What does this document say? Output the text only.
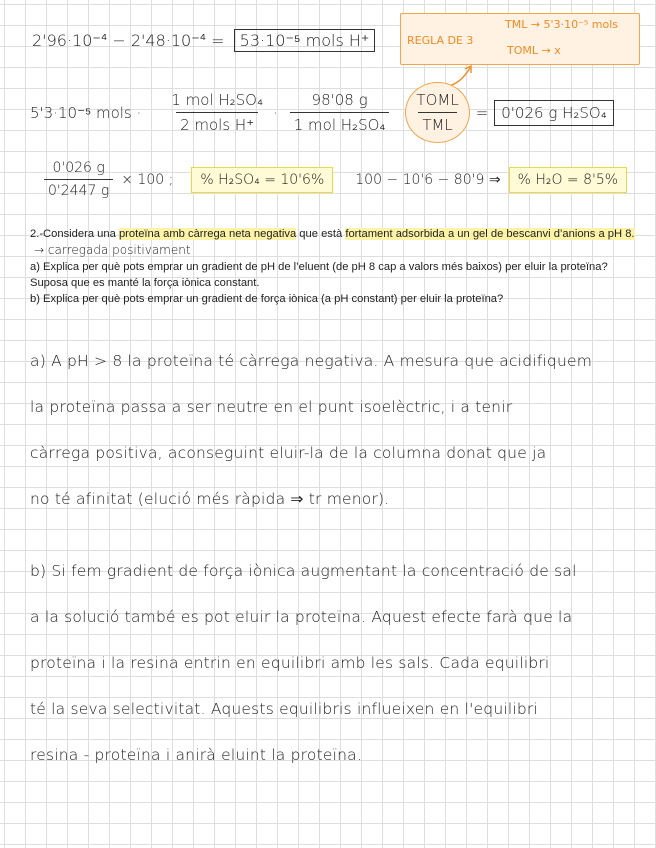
2'96·10⁻⁴ − 2'48·10⁻⁴ = 53·10⁻⁵ mols H⁺	REGLA DE 3
TML → 5'3·10⁻⁵ mols
TOML → x
5'3·10⁻⁵ mols · $\frac{\text{1 mol H₂SO₄}}{\text{2 mols H⁺}} \cdot \frac{98'08 g}{\text{1 mol H₂SO₄}} \frac{\text{TOML}}{\text{TML}} = 0'026$ g H₂SO₄
$\frac{0'026 g}{0'2447 g} \times 100$ ;	% H₂SO₄ = 10'6%	100 − 10'6 − 80'9 ⇒	% H₂O = 8'5%
2.-Considera una proteïna amb càrrega neta negativa que està fortament adsorbida a un gel de bescanvi d’anions a pH 8. → carregada positivament
a) Explica per què pots emprar un gradient de pH de l’eluent (de pH 8 cap a valors més baixos) per eluir la proteïna? Suposa que es manté la força iònica constant.
b) Explica per què pots emprar un gradient de força iònica (a pH constant) per eluir la proteïna?
a) A pH > 8 la proteïna té càrrega negativa. A mesura que acidifiquem
la proteïna passa a ser neutre en el punt isoelèctric, i a tenir
càrrega positiva, aconseguint eluir-la de la columna donat que ja
no té afinitat (elució més ràpida ⇒ tr menor).
b) Si fem gradient de força iònica augmentant la concentració de sal
a la solució també es pot eluir la proteïna. Aquest efecte farà que la
proteïna i la resina entrin en equilibri amb les sals. Cada equilibri
té la seva selectivitat. Aquests equilibris influeixen en l'equilibri
resina - proteïna i anirà eluint la proteïna.
